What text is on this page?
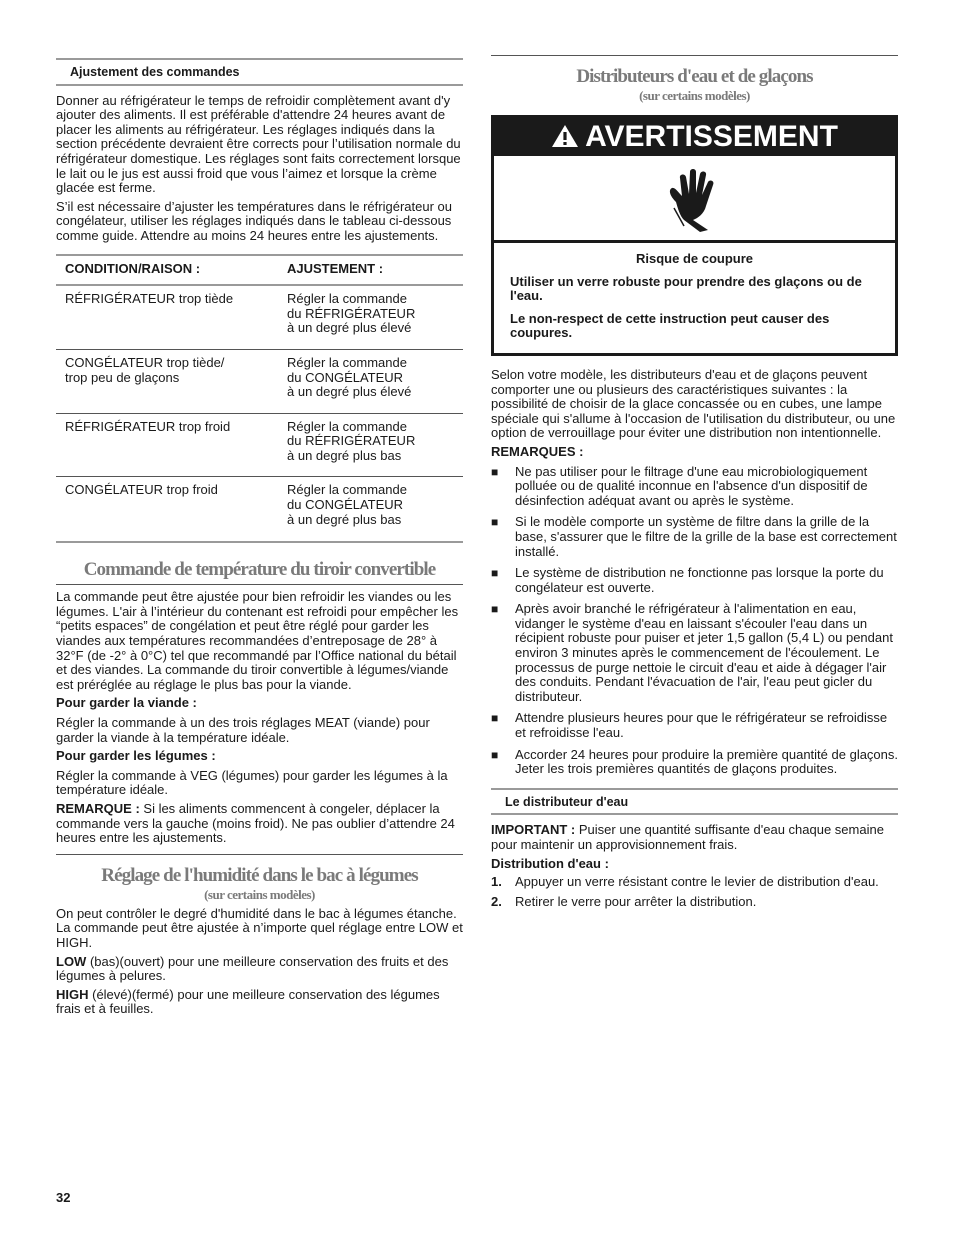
Ajustement des commandes

Donner au réfrigérateur le temps de refroidir complètement avant d'y ajouter des aliments. Il est préférable d'attendre 24 heures avant de placer les aliments au réfrigérateur. Les réglages indiqués dans la section précédente devraient être corrects pour l’utilisation normale du réfrigérateur domestique. Les réglages sont faits correctement lorsque le lait ou le jus est aussi froid que vous l’aimez et lorsque la crème glacée est ferme.

S’il est nécessaire d’ajuster les températures dans le réfrigérateur ou congélateur, utiliser les réglages indiqués dans le tableau ci-dessous comme guide. Attendre au moins 24 heures entre les ajustements.

CONDITION/RAISON :	AJUSTEMENT :
RÉFRIGÉRATEUR trop tiède	Régler la commande
du RÉFRIGÉRATEUR
à un degré plus élevé
CONGÉLATEUR trop tiède/
trop peu de glaçons	Régler la commande
du CONGÉLATEUR
à un degré plus élevé
RÉFRIGÉRATEUR trop froid	Régler la commande
du RÉFRIGÉRATEUR
à un degré plus bas
CONGÉLATEUR trop froid	Régler la commande
du CONGÉLATEUR
à un degré plus bas
Commande de température du tiroir convertible

La commande peut être ajustée pour bien refroidir les viandes ou les légumes. L'air à l’intérieur du contenant est refroidi pour empêcher les “petits espaces” de congélation et peut être réglé pour garder les viandes aux températures recommandées d’entreposage de 28° à 32°F (de -2° à 0°C) tel que recommandé par l’Office national du bétail et des viandes. La commande du tiroir convertible à légumes/viande est préréglée au réglage le plus bas pour la viande.

Pour garder la viande :

Régler la commande à un des trois réglages MEAT (viande) pour garder la viande à la température idéale.

Pour garder les légumes :

Régler la commande à VEG (légumes) pour garder les légumes à la température idéale.

REMARQUE : Si les aliments commencent à congeler, déplacer la commande vers la gauche (moins froid). Ne pas oublier d’attendre 24 heures entre les ajustements.

Réglage de l'humidité dans le bac à légumes
(sur certains modèles)

On peut contrôler le degré d'humidité dans le bac à légumes étanche. La commande peut être ajustée à n’importe quel réglage entre LOW et HIGH.

LOW (bas)(ouvert) pour une meilleure conservation des fruits et des légumes à pelures.

HIGH (élevé)(fermé) pour une meilleure conservation des légumes frais et à feuilles.

Distributeurs d'eau et de glaçons
(sur certains modèles)
AVERTISSEMENT

Risque de coupure

Utiliser un verre robuste pour prendre des glaçons ou de l'eau.

Le non-respect de cette instruction peut causer des coupures.

Selon votre modèle, les distributeurs d'eau et de glaçons peuvent comporter une ou plusieurs des caractéristiques suivantes : la possibilité de choisir de la glace concassée ou en cubes, une lampe spéciale qui s'allume à l'occasion de l'utilisation du distributeur, ou une option de verrouillage pour éviter une distribution non intentionnelle.

REMARQUES :

■ Ne pas utiliser pour le filtrage d'une eau microbiologiquement polluée ou de qualité inconnue en l'absence d'un dispositif de désinfection adéquat avant ou après le système.
■ Si le modèle comporte un système de filtre dans la grille de la base, s'assurer que le filtre de la grille de la base est correctement installé.
■ Le système de distribution ne fonctionne pas lorsque la porte du congélateur est ouverte.
■ Après avoir branché le réfrigérateur à l'alimentation en eau, vidanger le système d'eau en laissant s'écouler l'eau dans un récipient robuste pour puiser et jeter 1,5 gallon (5,4 L) ou pendant environ 3 minutes après le commencement de l'écoulement. Le processus de purge nettoie le circuit d'eau et aide à dégager l'air des conduits. Pendant l'évacuation de l'air, l'eau peut gicler du distributeur.
■ Attendre plusieurs heures pour que le réfrigérateur se refroidisse et refroidisse l'eau.
■ Accorder 24 heures pour produire la première quantité de glaçons. Jeter les trois premières quantités de glaçons produites.
Le distributeur d'eau

IMPORTANT : Puiser une quantité suffisante d'eau chaque semaine pour maintenir un approvisionnement frais.

Distribution d'eau :

1. Appuyer un verre résistant contre le levier de distribution d'eau.
2. Retirer le verre pour arrêter la distribution.
32
